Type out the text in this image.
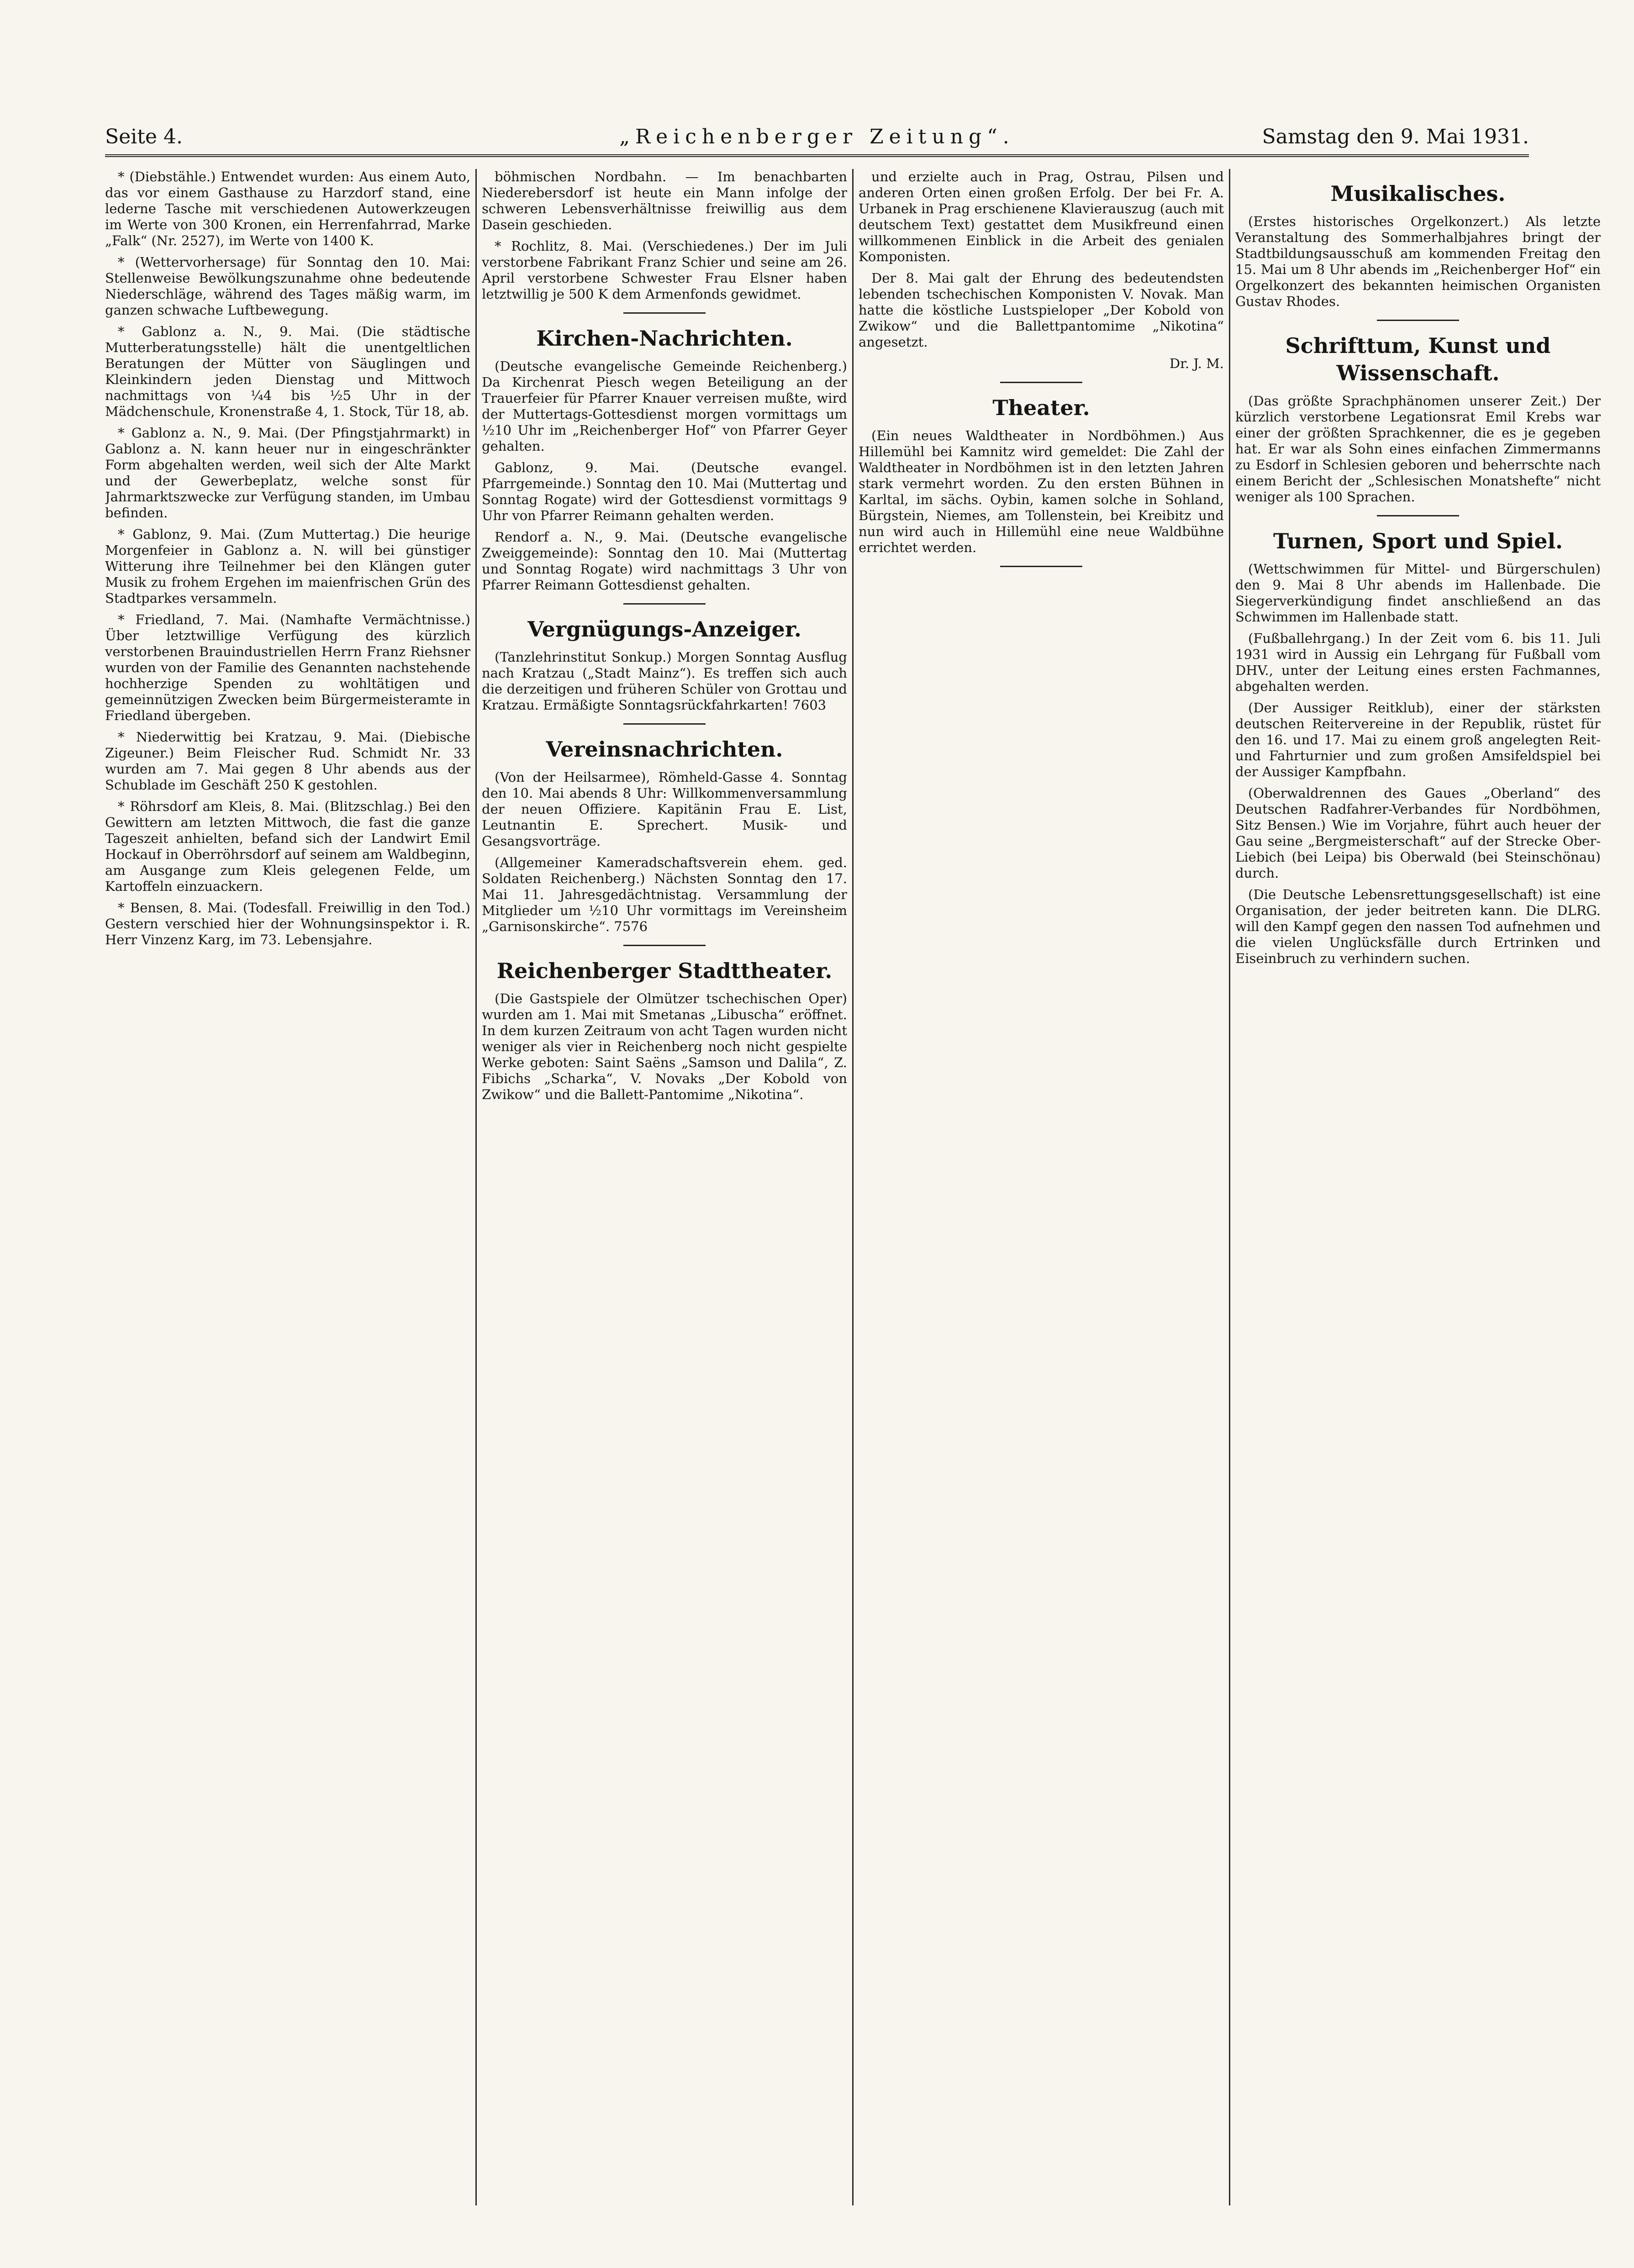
Seite 4.	„Reichenberger Zeitung“.	Samstag den 9. Mai 1931.

* (Diebstähle.) Entwendet wurden: Aus einem Auto, das vor einem Gasthause zu Harzdorf stand, eine lederne Tasche mit verschiedenen Autowerkzeugen im Werte von 300 Kronen, ein Herrenfahrrad, Marke „Falk“ (Nr. 2527), im Werte von 1400 K.

* (Wettervorhersage) für Sonntag den 10. Mai: Stellenweise Bewölkungszunahme ohne bedeutende Niederschläge, während des Tages mäßig warm, im ganzen schwache Luftbewegung.

* Gablonz a. N., 9. Mai. (Die städtische Mutterberatungsstelle) hält die unentgeltlichen Beratungen der Mütter von Säuglingen und Kleinkindern jeden Dienstag und Mittwoch nachmittags von ¼4 bis ½5 Uhr in der Mädchenschule, Kronenstraße 4, 1. Stock, Tür 18, ab.

* Gablonz a. N., 9. Mai. (Der Pfingstjahrmarkt) in Gablonz a. N. kann heuer nur in eingeschränkter Form abgehalten werden, weil sich der Alte Markt und der Gewerbeplatz, welche sonst für Jahrmarktszwecke zur Verfügung standen, im Umbau befinden.

* Gablonz, 9. Mai. (Zum Muttertag.) Die heurige Morgenfeier in Gablonz a. N. will bei günstiger Witterung ihre Teilnehmer bei den Klängen guter Musik zu frohem Ergehen im maienfrischen Grün des Stadtparkes versammeln.

* Friedland, 7. Mai. (Namhafte Vermächtnisse.) Über letztwillige Verfügung des kürzlich verstorbenen Brauindustriellen Herrn Franz Riehsner wurden von der Familie des Genannten nachstehende hochherzige Spenden zu wohltätigen und gemeinnützigen Zwecken beim Bürgermeisteramte in Friedland übergeben.

* Niederwittig bei Kratzau, 9. Mai. (Diebische Zigeuner.) Beim Fleischer Rud. Schmidt Nr. 33 wurden am 7. Mai gegen 8 Uhr abends aus der Schublade im Geschäft 250 K gestohlen.

* Röhrsdorf am Kleis, 8. Mai. (Blitzschlag.) Bei den Gewittern am letzten Mittwoch, die fast die ganze Tageszeit anhielten, befand sich der Landwirt Emil Hockauf in Oberröhrsdorf auf seinem am Waldbeginn, am Ausgange zum Kleis gelegenen Felde, um Kartoffeln einzuackern.

* Bensen, 8. Mai. (Todesfall. Freiwillig in den Tod.) Gestern verschied hier der Wohnungsinspektor i. R. Herr Vinzenz Karg, im 73. Lebensjahre.

böhmischen Nordbahn. — Im benachbarten Niederebersdorf ist heute ein Mann infolge der schweren Lebensverhältnisse freiwillig aus dem Dasein geschieden.

* Rochlitz, 8. Mai. (Verschiedenes.) Der im Juli verstorbene Fabrikant Franz Schier und seine am 26. April verstorbene Schwester Frau Elsner haben letztwillig je 500 K dem Armenfonds gewidmet.

Kirchen-Nachrichten.

(Deutsche evangelische Gemeinde Reichenberg.) Da Kirchenrat Piesch wegen Beteiligung an der Trauerfeier für Pfarrer Knauer verreisen mußte, wird der Muttertags-Gottesdienst morgen vormittags um ½10 Uhr im „Reichenberger Hof“ von Pfarrer Geyer gehalten.

Gablonz, 9. Mai. (Deutsche evangel. Pfarrgemeinde.) Sonntag den 10. Mai (Muttertag und Sonntag Rogate) wird der Gottesdienst vormittags 9 Uhr von Pfarrer Reimann gehalten werden.

Rendorf a. N., 9. Mai. (Deutsche evangelische Zweiggemeinde): Sonntag den 10. Mai (Muttertag und Sonntag Rogate) wird nachmittags 3 Uhr von Pfarrer Reimann Gottesdienst gehalten.

Vergnügungs-Anzeiger.

(Tanzlehrinstitut Sonkup.) Morgen Sonntag Ausflug nach Kratzau („Stadt Mainz“). Es treffen sich auch die derzeitigen und früheren Schüler von Grottau und Kratzau. Ermäßigte Sonntagsrückfahrkarten! 7603

Vereinsnachrichten.

(Von der Heilsarmee), Römheld-Gasse 4. Sonntag den 10. Mai abends 8 Uhr: Willkommenversammlung der neuen Offiziere. Kapitänin Frau E. List, Leutnantin E. Sprechert. Musik- und Gesangsvorträge.

(Allgemeiner Kameradschaftsverein ehem. ged. Soldaten Reichenberg.) Nächsten Sonntag den 17. Mai 11. Jahresgedächtnistag. Versammlung der Mitglieder um ½10 Uhr vormittags im Vereinsheim „Garnisonskirche“. 7576

Reichenberger Stadttheater.

(Die Gastspiele der Olmützer tschechischen Oper) wurden am 1. Mai mit Smetanas „Libuscha“ eröffnet. In dem kurzen Zeitraum von acht Tagen wurden nicht weniger als vier in Reichenberg noch nicht gespielte Werke geboten: Saint Saëns „Samson und Dalila“, Z. Fibichs „Scharka“, V. Novaks „Der Kobold von Zwikow“ und die Ballett-Pantomime „Nikotina“.

und erzielte auch in Prag, Ostrau, Pilsen und anderen Orten einen großen Erfolg. Der bei Fr. A. Urbanek in Prag erschienene Klavierauszug (auch mit deutschem Text) gestattet dem Musikfreund einen willkommenen Einblick in die Arbeit des genialen Komponisten.

Der 8. Mai galt der Ehrung des bedeutendsten lebenden tschechischen Komponisten V. Novak. Man hatte die köstliche Lustspieloper „Der Kobold von Zwikow“ und die Ballettpantomime „Nikotina“ angesetzt.

Dr. J. M.

Theater.

(Ein neues Waldtheater in Nordböhmen.) Aus Hillemühl bei Kamnitz wird gemeldet: Die Zahl der Waldtheater in Nordböhmen ist in den letzten Jahren stark vermehrt worden. Zu den ersten Bühnen in Karltal, im sächs. Oybin, kamen solche in Sohland, Bürgstein, Niemes, am Tollenstein, bei Kreibitz und nun wird auch in Hillemühl eine neue Waldbühne errichtet werden.

Musikalisches.

(Erstes historisches Orgelkonzert.) Als letzte Veranstaltung des Sommerhalbjahres bringt der Stadtbildungsausschuß am kommenden Freitag den 15. Mai um 8 Uhr abends im „Reichenberger Hof“ ein Orgelkonzert des bekannten heimischen Organisten Gustav Rhodes.

Schrifttum, Kunst und Wissenschaft.

(Das größte Sprachphänomen unserer Zeit.) Der kürzlich verstorbene Legationsrat Emil Krebs war einer der größten Sprachkenner, die es je gegeben hat. Er war als Sohn eines einfachen Zimmermanns zu Esdorf in Schlesien geboren und beherrschte nach einem Bericht der „Schlesischen Monatshefte“ nicht weniger als 100 Sprachen.

Turnen, Sport und Spiel.

(Wettschwimmen für Mittel- und Bürgerschulen) den 9. Mai 8 Uhr abends im Hallenbade. Die Siegerverkündigung findet anschließend an das Schwimmen im Hallenbade statt.

(Fußballehrgang.) In der Zeit vom 6. bis 11. Juli 1931 wird in Aussig ein Lehrgang für Fußball vom DHV., unter der Leitung eines ersten Fachmannes, abgehalten werden.

(Der Aussiger Reitklub), einer der stärksten deutschen Reitervereine in der Republik, rüstet für den 16. und 17. Mai zu einem groß angelegten Reit- und Fahrturnier und zum großen Amsifeldspiel bei der Aussiger Kampfbahn.

(Oberwaldrennen des Gaues „Oberland“ des Deutschen Radfahrer-Verbandes für Nordböhmen, Sitz Bensen.) Wie im Vorjahre, führt auch heuer der Gau seine „Bergmeisterschaft“ auf der Strecke Ober-Liebich (bei Leipa) bis Oberwald (bei Steinschönau) durch.

(Die Deutsche Lebensrettungsgesellschaft) ist eine Organisation, der jeder beitreten kann. Die DLRG. will den Kampf gegen den nassen Tod aufnehmen und die vielen Unglücksfälle durch Ertrinken und Eiseinbruch zu verhindern suchen.
